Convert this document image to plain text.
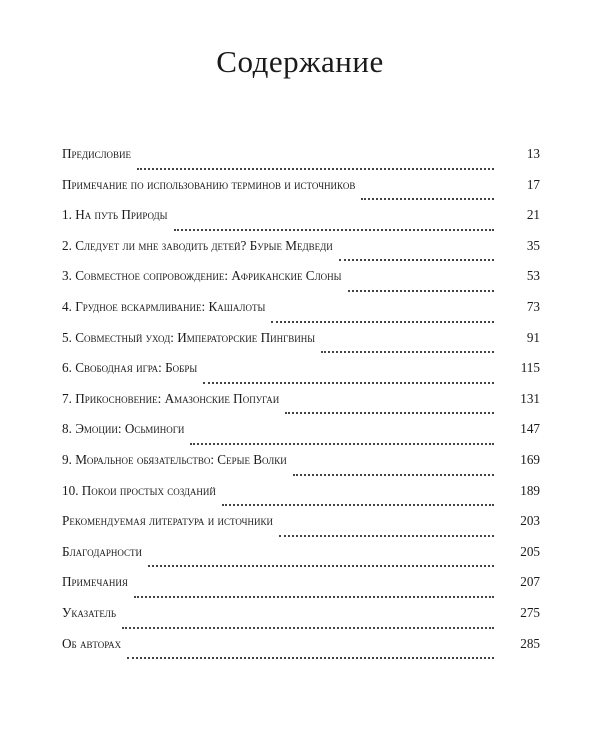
Содержание
Предисловие	13
Примечание по использованию терминов и источников	17
1. На путь Природы	21
2. Следует ли мне заводить детей? Бурые Медведи	35
3. Совместное сопровождение: Африканские Слоны	53
4. Грудное вскармливание: Кашалоты	73
5. Совместный уход: Императорские Пингвины	91
6. Свободная игра: Бобры	115
7. Прикосновение: Амазонские Попугаи	131
8. Эмоции: Осьминоги	147
9. Моральное обязательство: Серые Волки	169
10. Покои простых созданий	189
Рекомендуемая литература и источники	203
Благодарности	205
Примечания	207
Указатель	275
Об авторах	285
